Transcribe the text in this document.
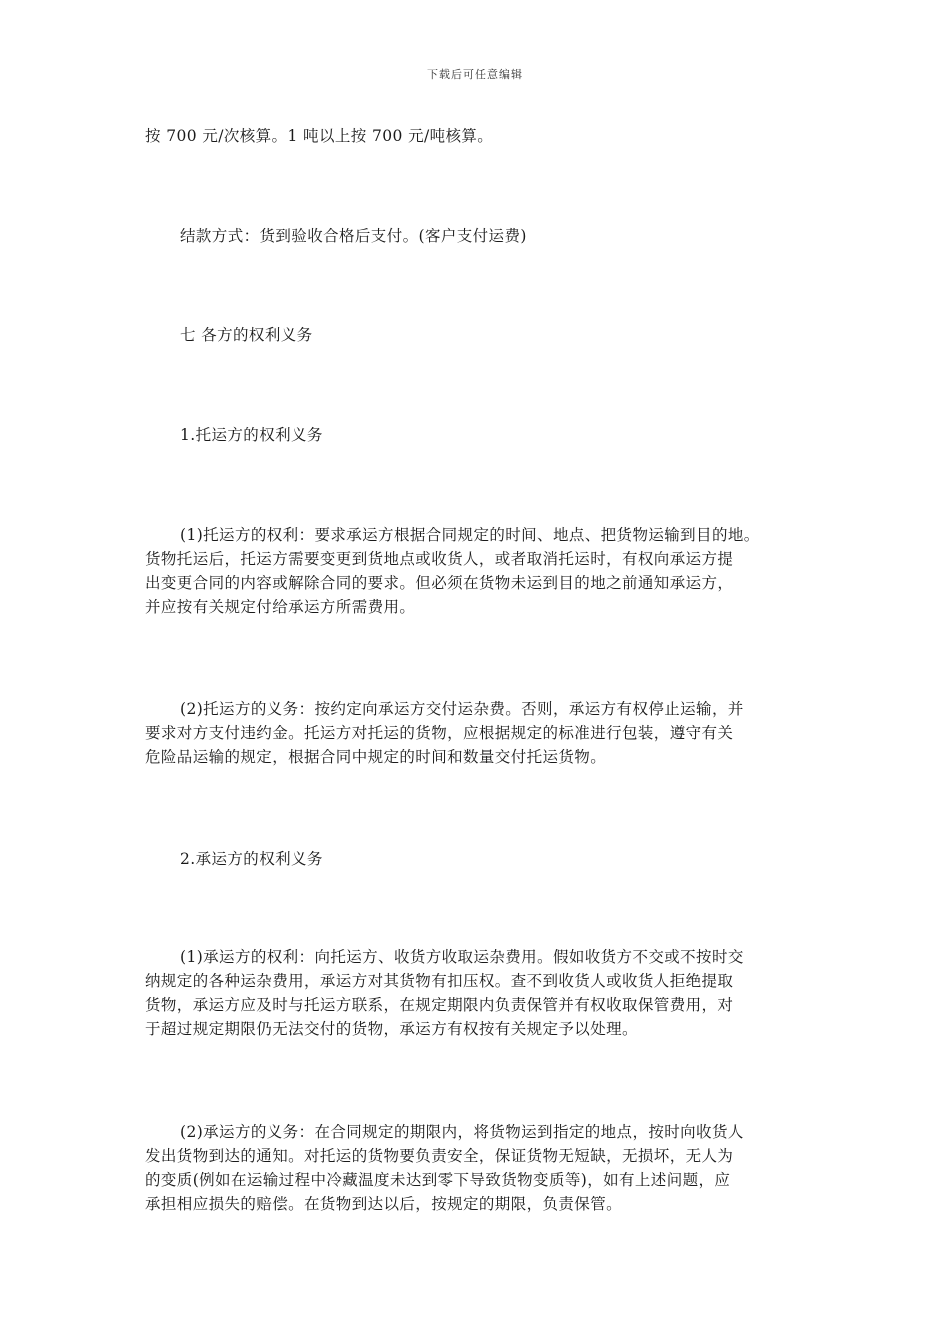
下载后可任意编辑
按 700 元/次核算。1 吨以上按 700 元/吨核算。
结款方式：货到验收合格后支付。(客户支付运费)
七 各方的权利义务
1.托运方的权利义务
(1)托运方的权利：要求承运方根据合同规定的时间、地点、把货物运输到目的地。
货物托运后，托运方需要变更到货地点或收货人，或者取消托运时，有权向承运方提
出变更合同的内容或解除合同的要求。但必须在货物未运到目的地之前通知承运方，
并应按有关规定付给承运方所需费用。
(2)托运方的义务：按约定向承运方交付运杂费。否则，承运方有权停止运输，并
要求对方支付违约金。托运方对托运的货物，应根据规定的标准进行包装，遵守有关
危险品运输的规定，根据合同中规定的时间和数量交付托运货物。
2.承运方的权利义务
(1)承运方的权利：向托运方、收货方收取运杂费用。假如收货方不交或不按时交
纳规定的各种运杂费用，承运方对其货物有扣压权。查不到收货人或收货人拒绝提取
货物，承运方应及时与托运方联系，在规定期限内负责保管并有权收取保管费用，对
于超过规定期限仍无法交付的货物，承运方有权按有关规定予以处理。
(2)承运方的义务：在合同规定的期限内，将货物运到指定的地点，按时向收货人
发出货物到达的通知。对托运的货物要负责安全，保证货物无短缺，无损坏，无人为
的变质(例如在运输过程中冷藏温度未达到零下导致货物变质等)，如有上述问题，应
承担相应损失的赔偿。在货物到达以后，按规定的期限，负责保管。
